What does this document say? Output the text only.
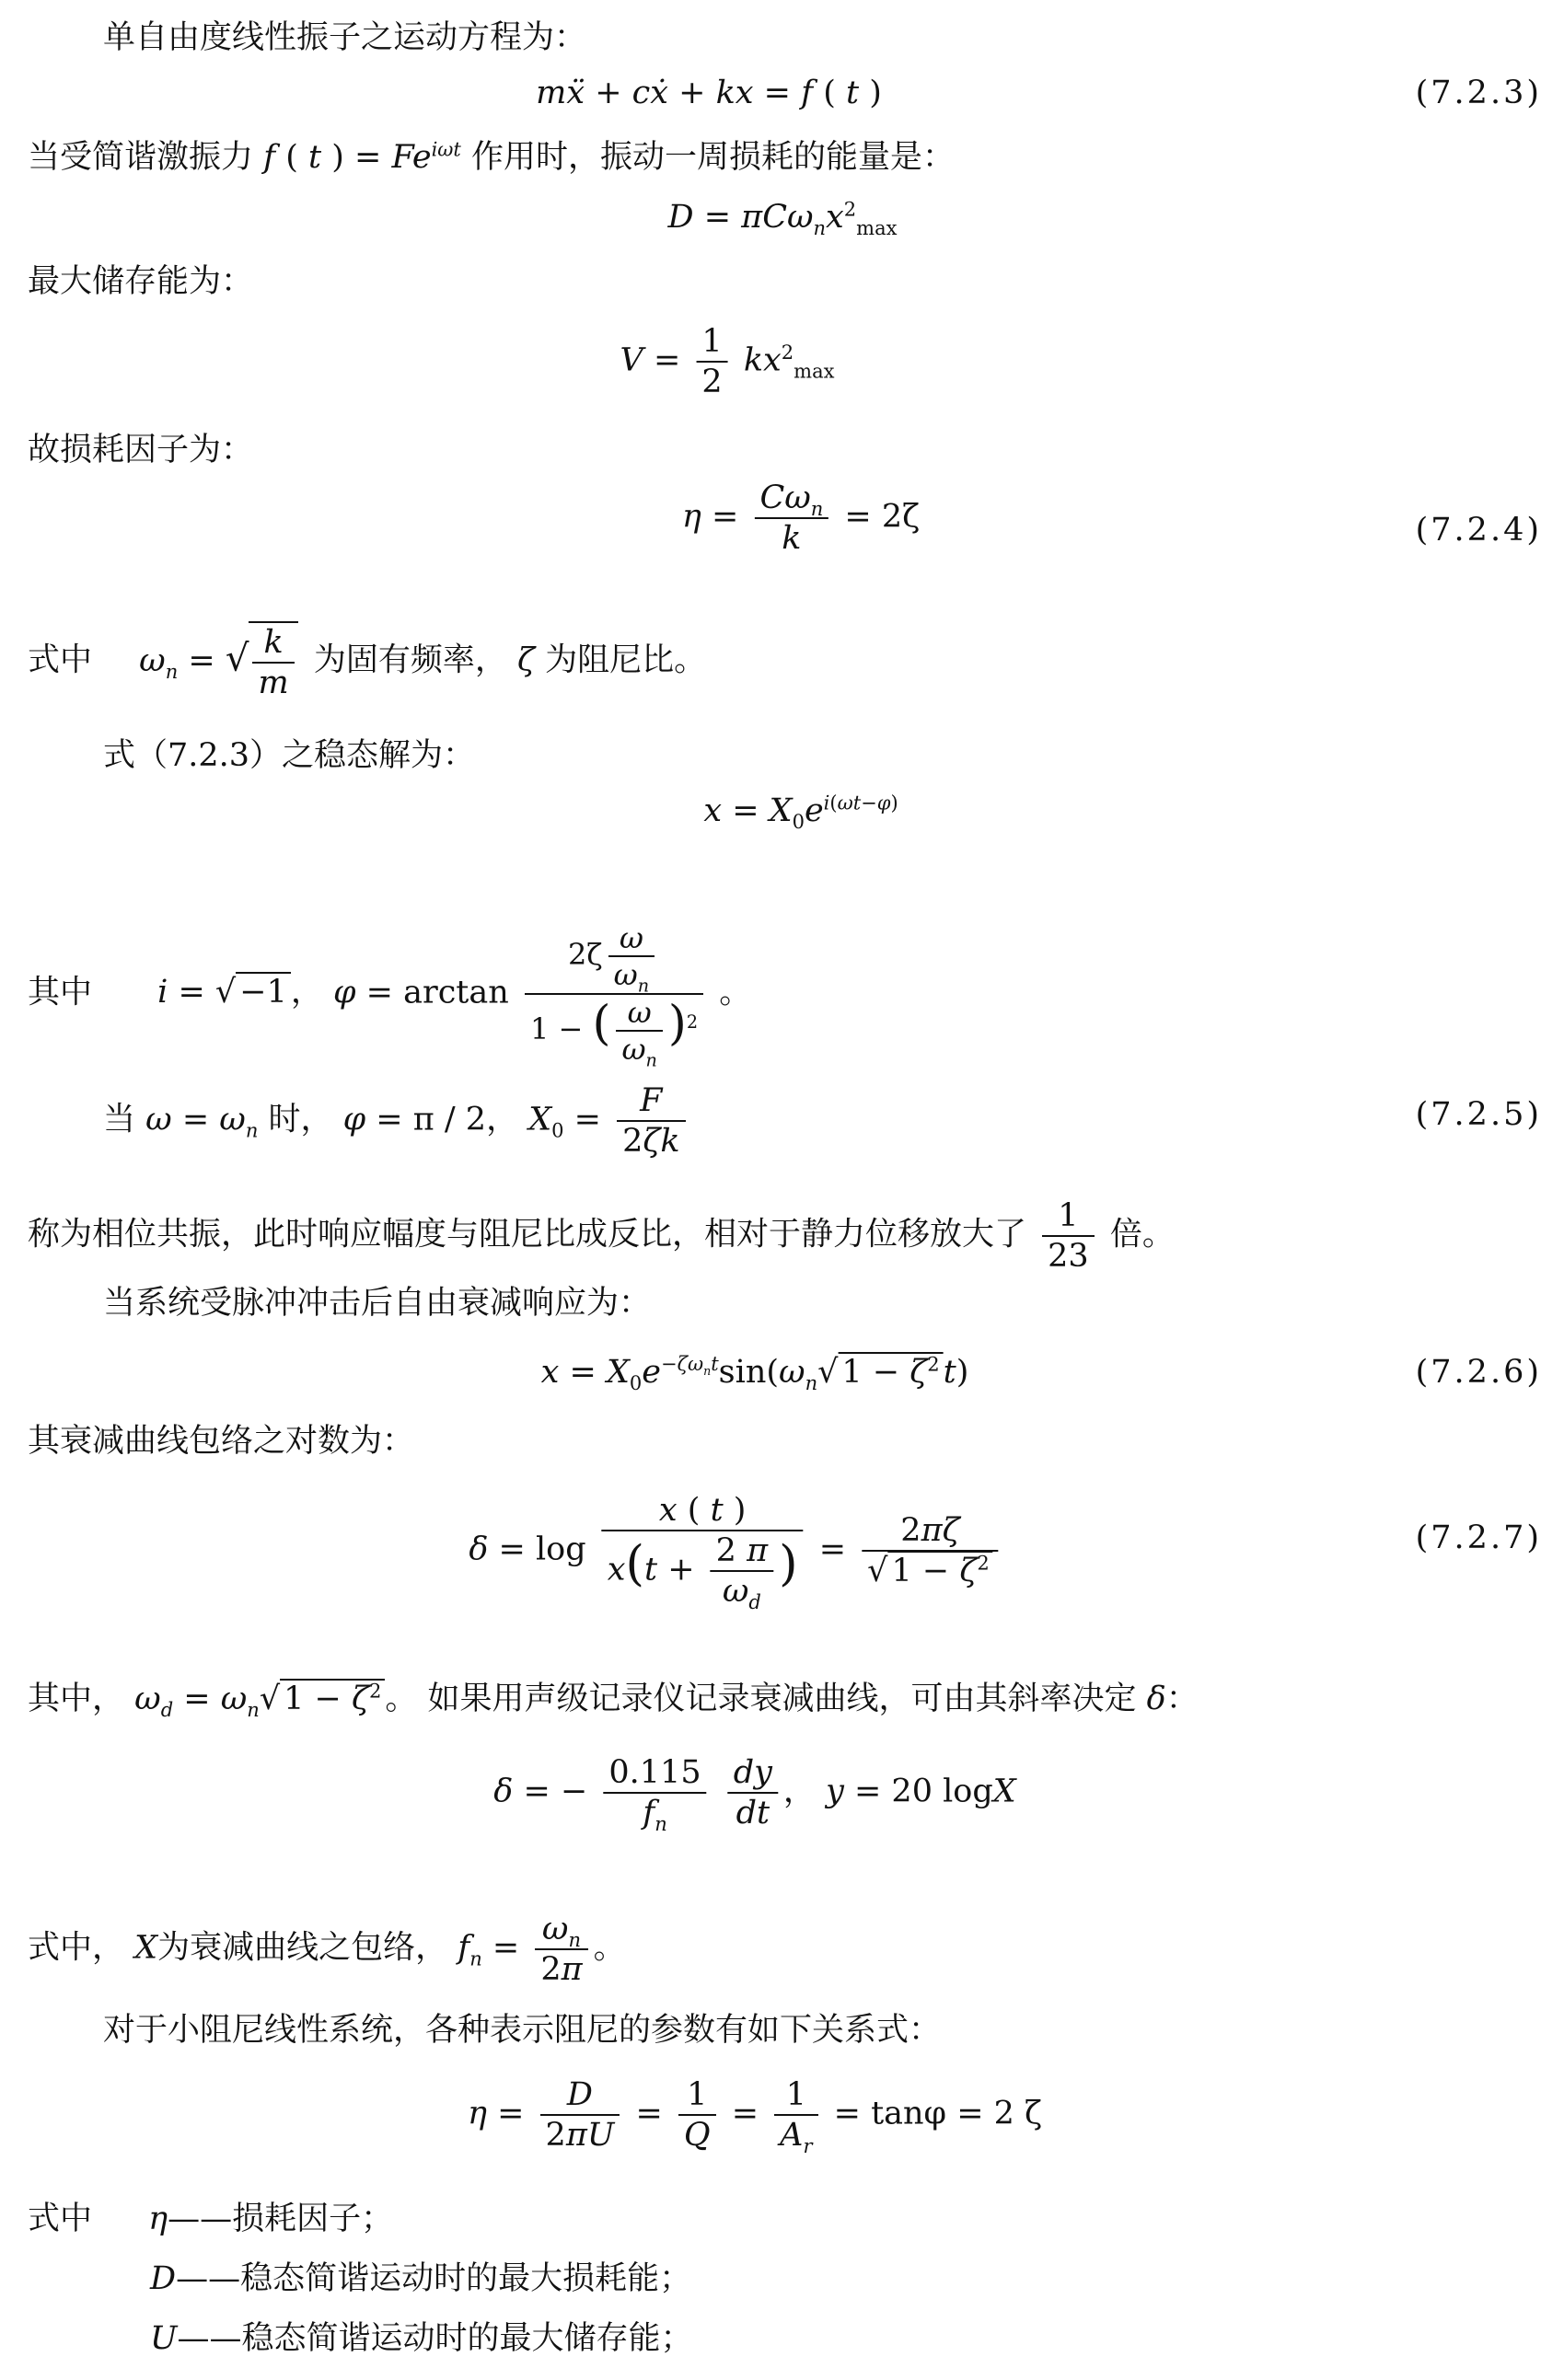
单自由度线性振子之运动方程为：
mẍ + cẋ + kx = f ( t )	(7.2.3)
当受简谐激振力 f ( t ) = $Fe^{i\omega t}$ 作用时，振动一周损耗的能量是：
$D = \pi C\omega_nx^2_{max}$
最大储存能为：
$V = \frac{1}{2} kx^2_{max}$
故损耗因子为：
$\eta = \frac{C\omega_n}{k} = 2\zeta$	(7.2.4)
式中 $\omega_n$ = √ $\frac{k}{m}$ 为固有频率， ζ 为阻尼比。
式（7.2.3）之稳态解为：
$x = X_0e^{i(\omega t-\varphi)}$
其中 i = √ −1 ， $\varphi = \arctan \frac{2\zeta \frac{\omega}{\omega_n}}{1 - ( \frac{\omega}{\omega_n} )^2}$ 。
当 $\omega = \omega_n$ 时， φ = π / 2， $X_0 = \frac{F}{2\zeta k}$	(7.2.5)
称为相位共振，此时响应幅度与阻尼比成反比，相对于静力位移放大了 $\frac{1}{23}$ 倍。
当系统受脉冲冲击后自由衰减响应为：
$x = X_0e^{-\zeta\omega_nt}\sin(\omega_n√$ $1 - \zeta^2$ t)	(7.2.6)
其衰减曲线包络之对数为：
$\delta = \log \frac{x ( t )}{x(t + \frac{2 \pi}{\omega_d} )} = \frac{2\pi\zeta}{√ 1 - \zeta^2}$	(7.2.7)
其中， $\omega_d = \omega_n√$ $1 - \zeta^2$ 。 如果用声级记录仪记录衰减曲线，可由其斜率决定 δ：
δ = − $\frac{0.115}{f_n}$
$\frac{dy}{dt}$ ， y = 20 logX
式中， X为衰减曲线之包络， $f_n = \frac{\omega_n}{2\pi}$ 。
对于小阻尼线性系统，各种表示阻尼的参数有如下关系式：
$\eta = \frac{D}{2\pi U} = \frac{1}{Q} = \frac{1}{A_r} = \tan\varphi = 2$ ζ
式中 η——损耗因子；
D——稳态简谐运动时的最大损耗能；
U——稳态简谐运动时的最大储存能；
